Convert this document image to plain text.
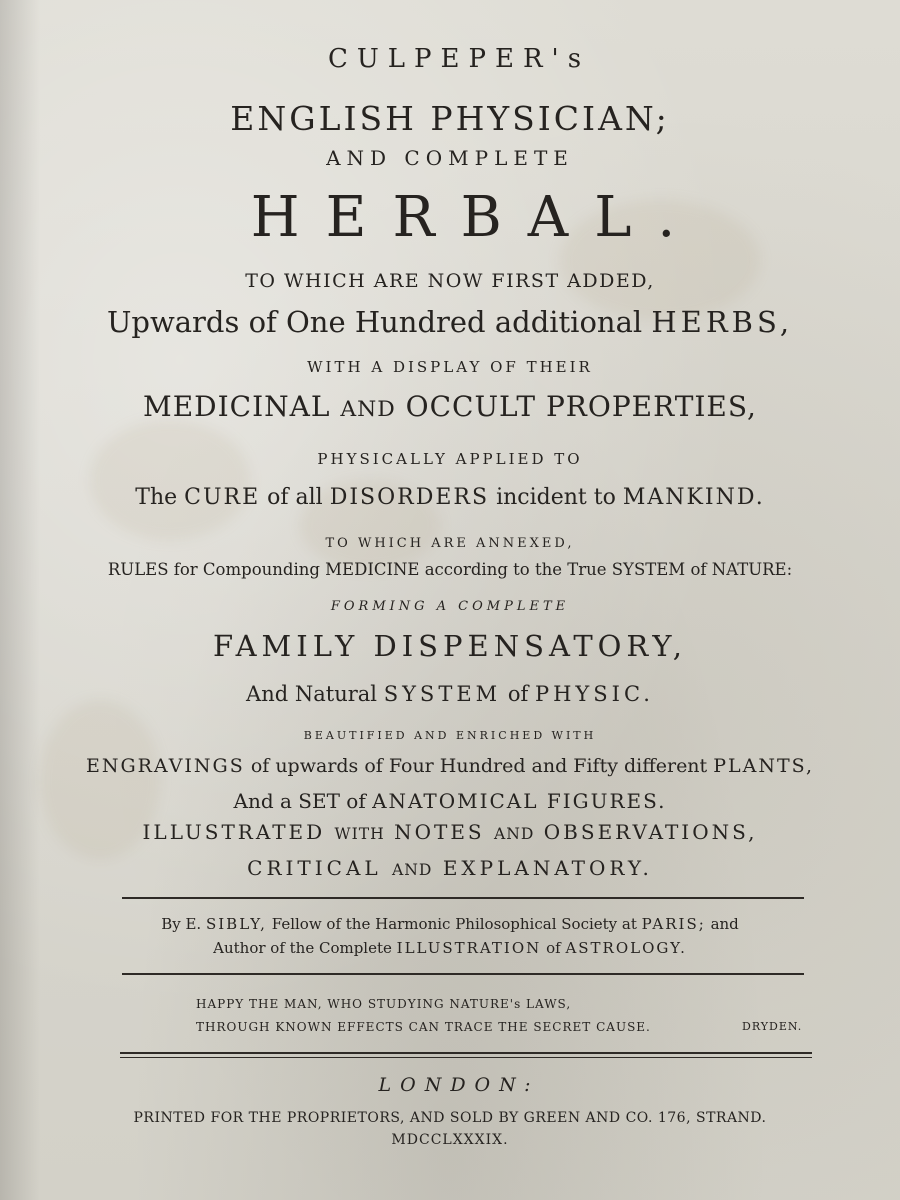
CULPEPER's
ENGLISH PHYSICIAN;
AND COMPLETE
HERBAL.
TO WHICH ARE NOW FIRST ADDED,
Upwards of One Hundred additional HERBS,
WITH A DISPLAY OF THEIR
MEDICINAL AND OCCULT PROPERTIES,
PHYSICALLY APPLIED TO
The CURE of all DISORDERS incident to MANKIND.
TO WHICH ARE ANNEXED,
RULES for Compounding MEDICINE according to the True SYSTEM of NATURE:
FORMING A COMPLETE
FAMILY DISPENSATORY,
And Natural SYSTEM of PHYSIC.
BEAUTIFIED AND ENRICHED WITH
ENGRAVINGS of upwards of Four Hundred and Fifty different PLANTS,
And a SET of ANATOMICAL FIGURES.
ILLUSTRATED WITH NOTES AND OBSERVATIONS,
CRITICAL AND EXPLANATORY.
By E. SIBLY, Fellow of the Harmonic Philosophical Society at PARIS; and
Author of the Complete ILLUSTRATION of ASTROLOGY.
HAPPY THE MAN, WHO STUDYING NATURE's LAWS,
THROUGH KNOWN EFFECTS CAN TRACE THE SECRET CAUSE.	DRYDEN.
LONDON:
PRINTED FOR THE PROPRIETORS, AND SOLD BY GREEN AND CO. 176, STRAND.
MDCCLXXXIX.
